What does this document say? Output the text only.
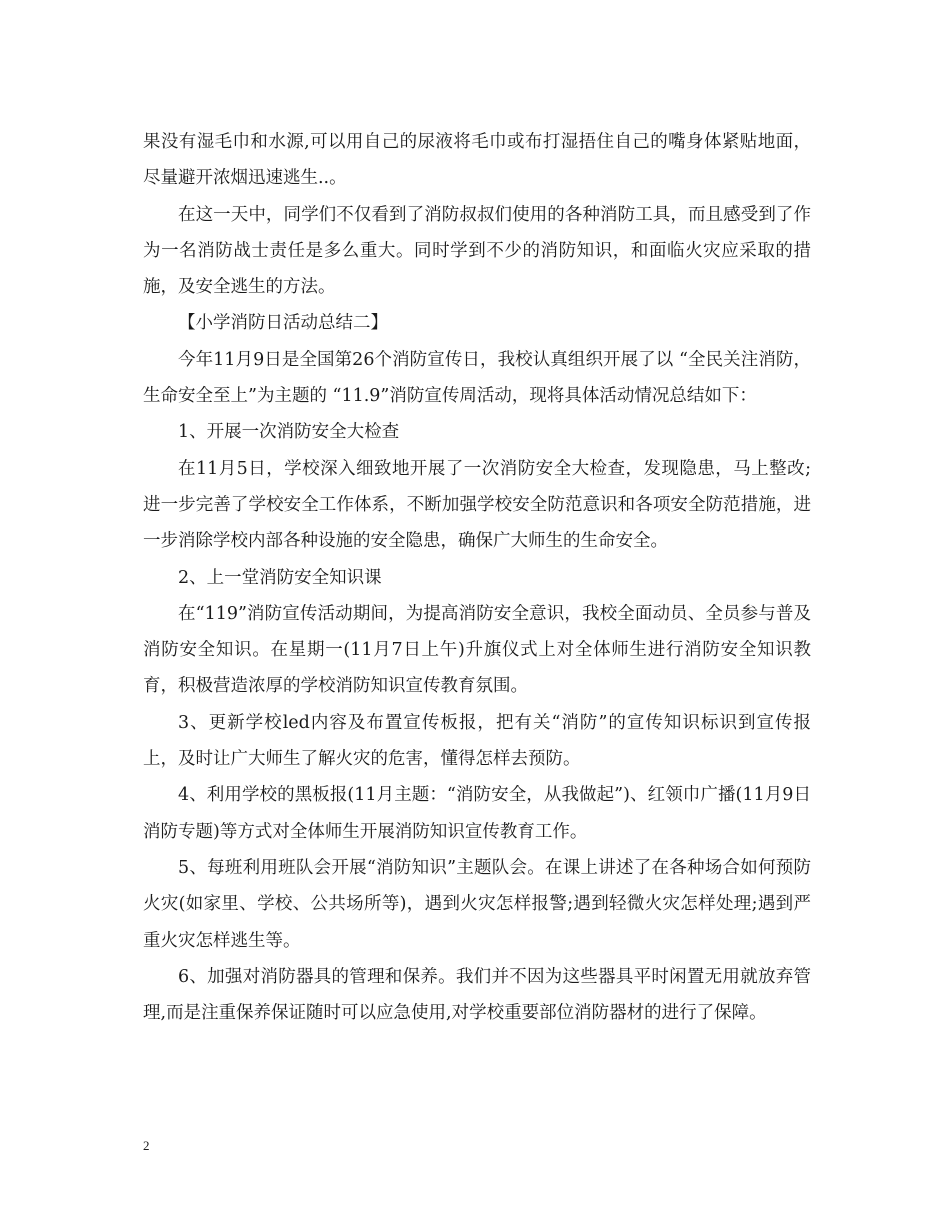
果没有湿毛巾和水源,可以用自己的尿液将毛巾或布打湿捂住自己的嘴身体紧贴地面，尽量避开浓烟迅速逃生..。

在这一天中，同学们不仅看到了消防叔叔们使用的各种消防工具，而且感受到了作为一名消防战士责任是多么重大。同时学到不少的消防知识，和面临火灾应采取的措施，及安全逃生的方法。

【小学消防日活动总结二】

今年11月9日是全国第26个消防宣传日，我校认真组织开展了以 “全民关注消防，生命安全至上”为主题的 “11.9”消防宣传周活动，现将具体活动情况总结如下：

1、开展一次消防安全大检查

在11月5日，学校深入细致地开展了一次消防安全大检查，发现隐患，马上整改;进一步完善了学校安全工作体系，不断加强学校安全防范意识和各项安全防范措施，进一步消除学校内部各种设施的安全隐患，确保广大师生的生命安全。

2、上一堂消防安全知识课

在“119”消防宣传活动期间，为提高消防安全意识，我校全面动员、全员参与普及消防安全知识。在星期一(11月7日上午)升旗仪式上对全体师生进行消防安全知识教育，积极营造浓厚的学校消防知识宣传教育氛围。

3、更新学校led内容及布置宣传板报，把有关“消防”的宣传知识标识到宣传报上，及时让广大师生了解火灾的危害，懂得怎样去预防。

4、利用学校的黑板报(11月主题：“消防安全，从我做起”)、红领巾广播(11月9日消防专题)等方式对全体师生开展消防知识宣传教育工作。

5、每班利用班队会开展“消防知识”主题队会。在课上讲述了在各种场合如何预防火灾(如家里、学校、公共场所等)，遇到火灾怎样报警;遇到轻微火灾怎样处理;遇到严重火灾怎样逃生等。

6、加强对消防器具的管理和保养。我们并不因为这些器具平时闲置无用就放弃管理,而是注重保养保证随时可以应急使用,对学校重要部位消防器材的进行了保障。

2
